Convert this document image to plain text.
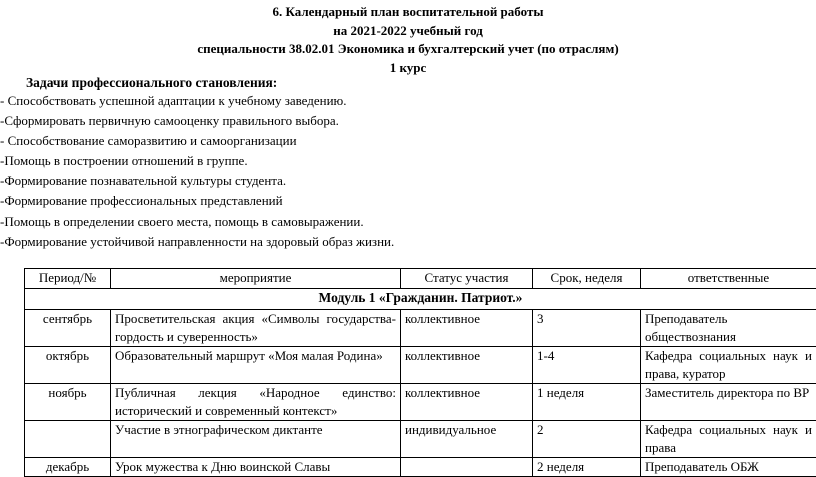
6. Календарный план воспитательной работы
на 2021-2022 учебный год
специальности 38.02.01 Экономика и бухгалтерский учет (по отраслям)
1 курс
Задачи профессионального становления:
- Способствовать успешной адаптации к учебному заведению.
-Сформировать первичную самооценку правильного выбора.
- Способствование саморазвитию и самоорганизации
-Помощь в построении отношений в группе.
-Формирование познавательной культуры студента.
-Формирование профессиональных представлений
-Помощь в определении своего места, помощь в самовыражении.
-Формирование устойчивой направленности на здоровый образ жизни.
Период/№	мероприятие	Статус участия	Срок, неделя	ответственные
Модуль 1 «Гражданин. Патриот.»				
сентябрь	Просветительская акция «Символы государства-гордость и суверенность»	коллективное	3	Преподаватель обществознания
октябрь	Образовательный маршрут «Моя малая Родина»	коллективное	1-4	Кафедра социальных наук и права, куратор
ноябрь	Публичная лекция «Народное единство: исторический и современный контекст»	коллективное	1 неделя	Заместитель директора по ВР
	Участие в этнографическом диктанте	индивидуальное	2	Кафедра социальных наук и права
декабрь	Урок мужества к Дню воинской Славы		2 неделя	Преподаватель ОБЖ
